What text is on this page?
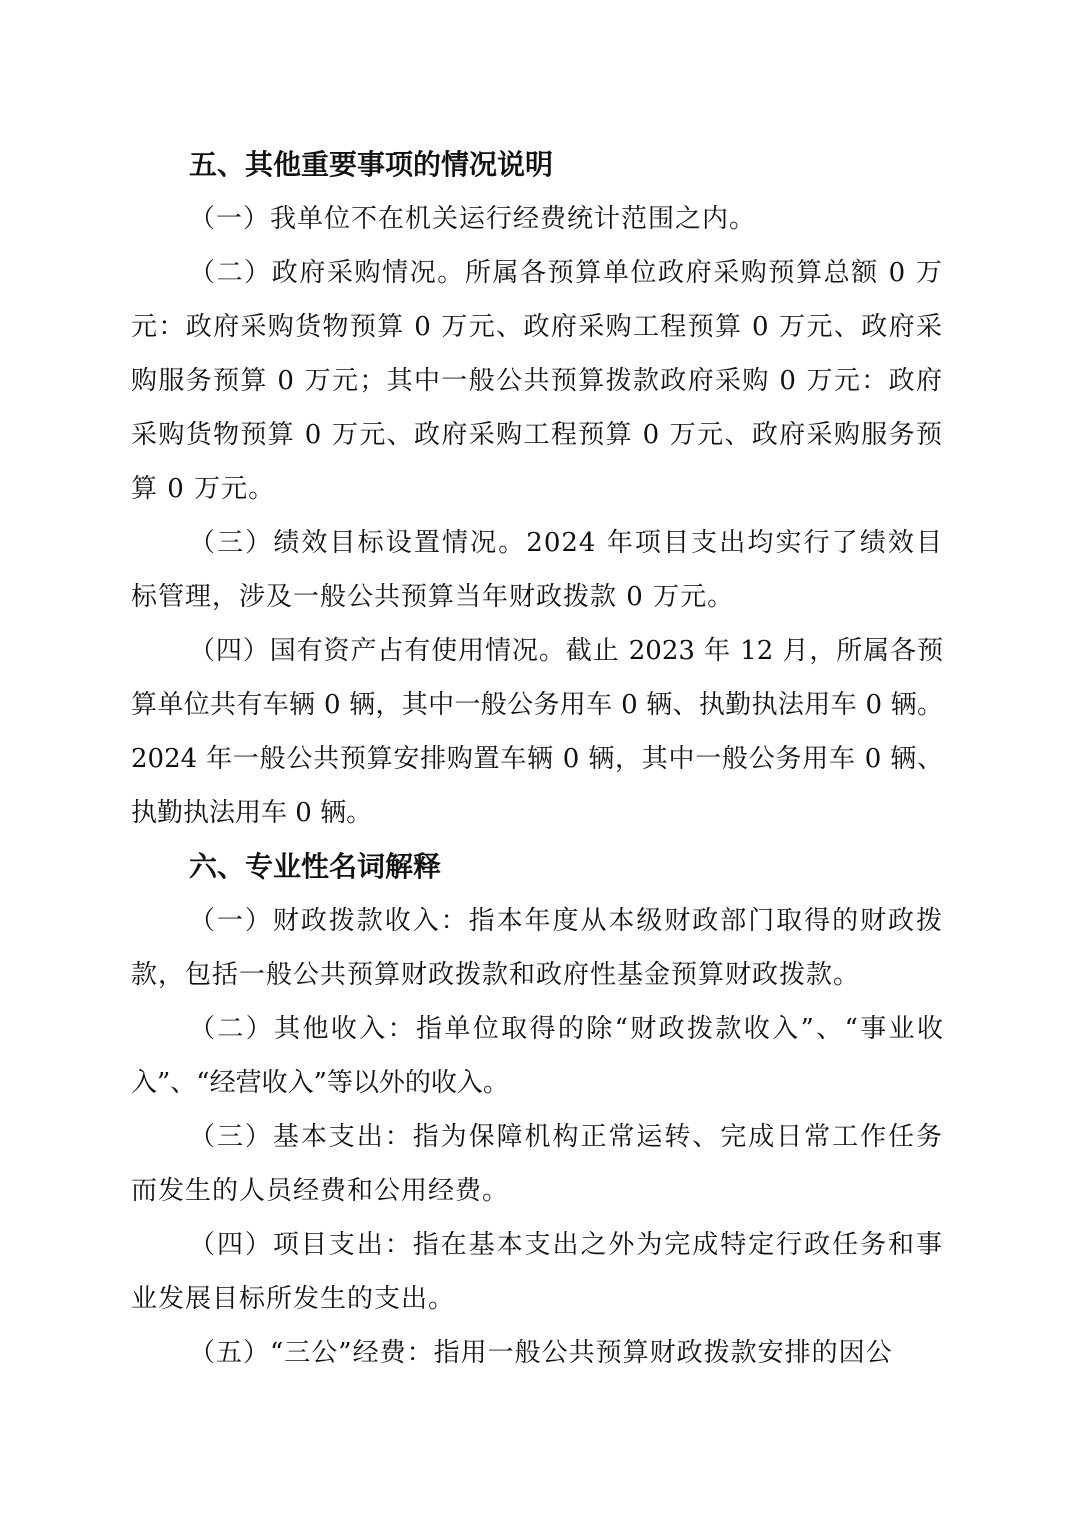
五、其他重要事项的情况说明

（一）我单位不在机关运行经费统计范围之内。

（二）政府采购情况。所属各预算单位政府采购预算总额 0 万元：政府采购货物预算 0 万元、政府采购工程预算 0 万元、政府采购服务预算 0 万元；其中一般公共预算拨款政府采购 0 万元：政府采购货物预算 0 万元、政府采购工程预算 0 万元、政府采购服务预算 0 万元。

（三）绩效目标设置情况。2024 年项目支出均实行了绩效目标管理，涉及一般公共预算当年财政拨款 0 万元。

（四）国有资产占有使用情况。截止 2023 年 12 月，所属各预算单位共有车辆 0 辆，其中一般公务用车 0 辆、执勤执法用车 0 辆。2024 年一般公共预算安排购置车辆 0 辆，其中一般公务用车 0 辆、执勤执法用车 0 辆。

六、专业性名词解释

（一）财政拨款收入：指本年度从本级财政部门取得的财政拨款，包括一般公共预算财政拨款和政府性基金预算财政拨款。

（二）其他收入：指单位取得的除“财政拨款收入”、“事业收入”、“经营收入”等以外的收入。

（三）基本支出：指为保障机构正常运转、完成日常工作任务而发生的人员经费和公用经费。

（四）项目支出：指在基本支出之外为完成特定行政任务和事业发展目标所发生的支出。

（五）“三公”经费：指用一般公共预算财政拨款安排的因公
